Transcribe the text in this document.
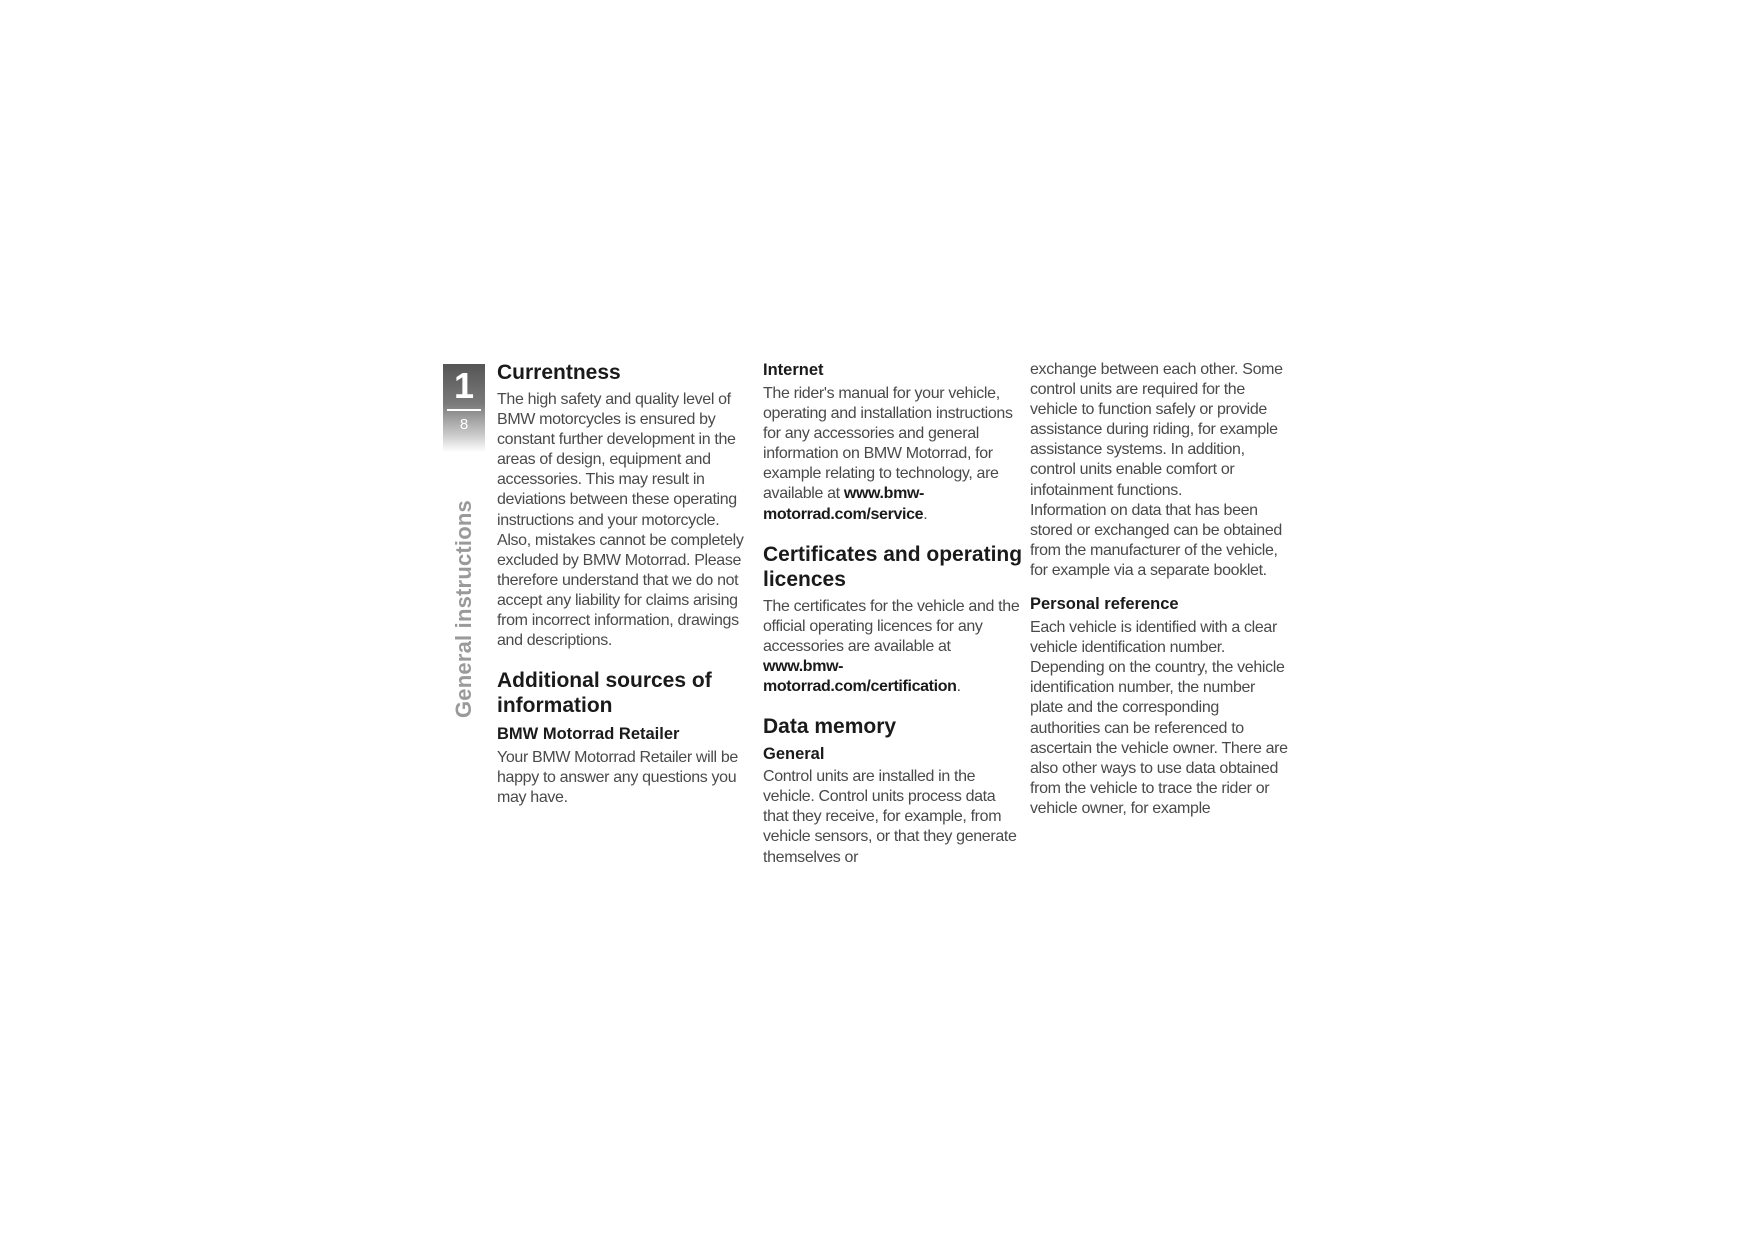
1
8
General instructions
Currentness

The high safety and quality level of BMW motorcycles is ensured by constant further development in the areas of design, equipment and accessories. This may result in deviations between these operating instructions and your motorcycle. Also, mistakes cannot be completely excluded by BMW Motorrad. Please therefore understand that we do not accept any liability for claims arising from incorrect information, drawings and descriptions.

Additional sources of information
BMW Motorrad Retailer

Your BMW Motorrad Retailer will be happy to answer any questions you may have.

Internet

The rider's manual for your vehicle, operating and installation instructions for any accessories and general information on BMW Motorrad, for example relating to technology, are available at www.bmw-motorrad.com/service.

Certificates and operating licences

The certificates for the vehicle and the official operating licences for any accessories are available at www.bmw-motorrad.com/certification.

Data memory
General

Control units are installed in the vehicle. Control units process data that they receive, for example, from vehicle sensors, or that they generate themselves or

exchange between each other. Some control units are required for the vehicle to function safely or provide assistance during riding, for example assistance systems. In addition, control units enable comfort or infotainment functions.

Information on data that has been stored or exchanged can be obtained from the manufacturer of the vehicle, for example via a separate booklet.

Personal reference

Each vehicle is identified with a clear vehicle identification number. Depending on the country, the vehicle identification number, the number plate and the corresponding authorities can be referenced to ascertain the vehicle owner. There are also other ways to use data obtained from the vehicle to trace the rider or vehicle owner, for example
